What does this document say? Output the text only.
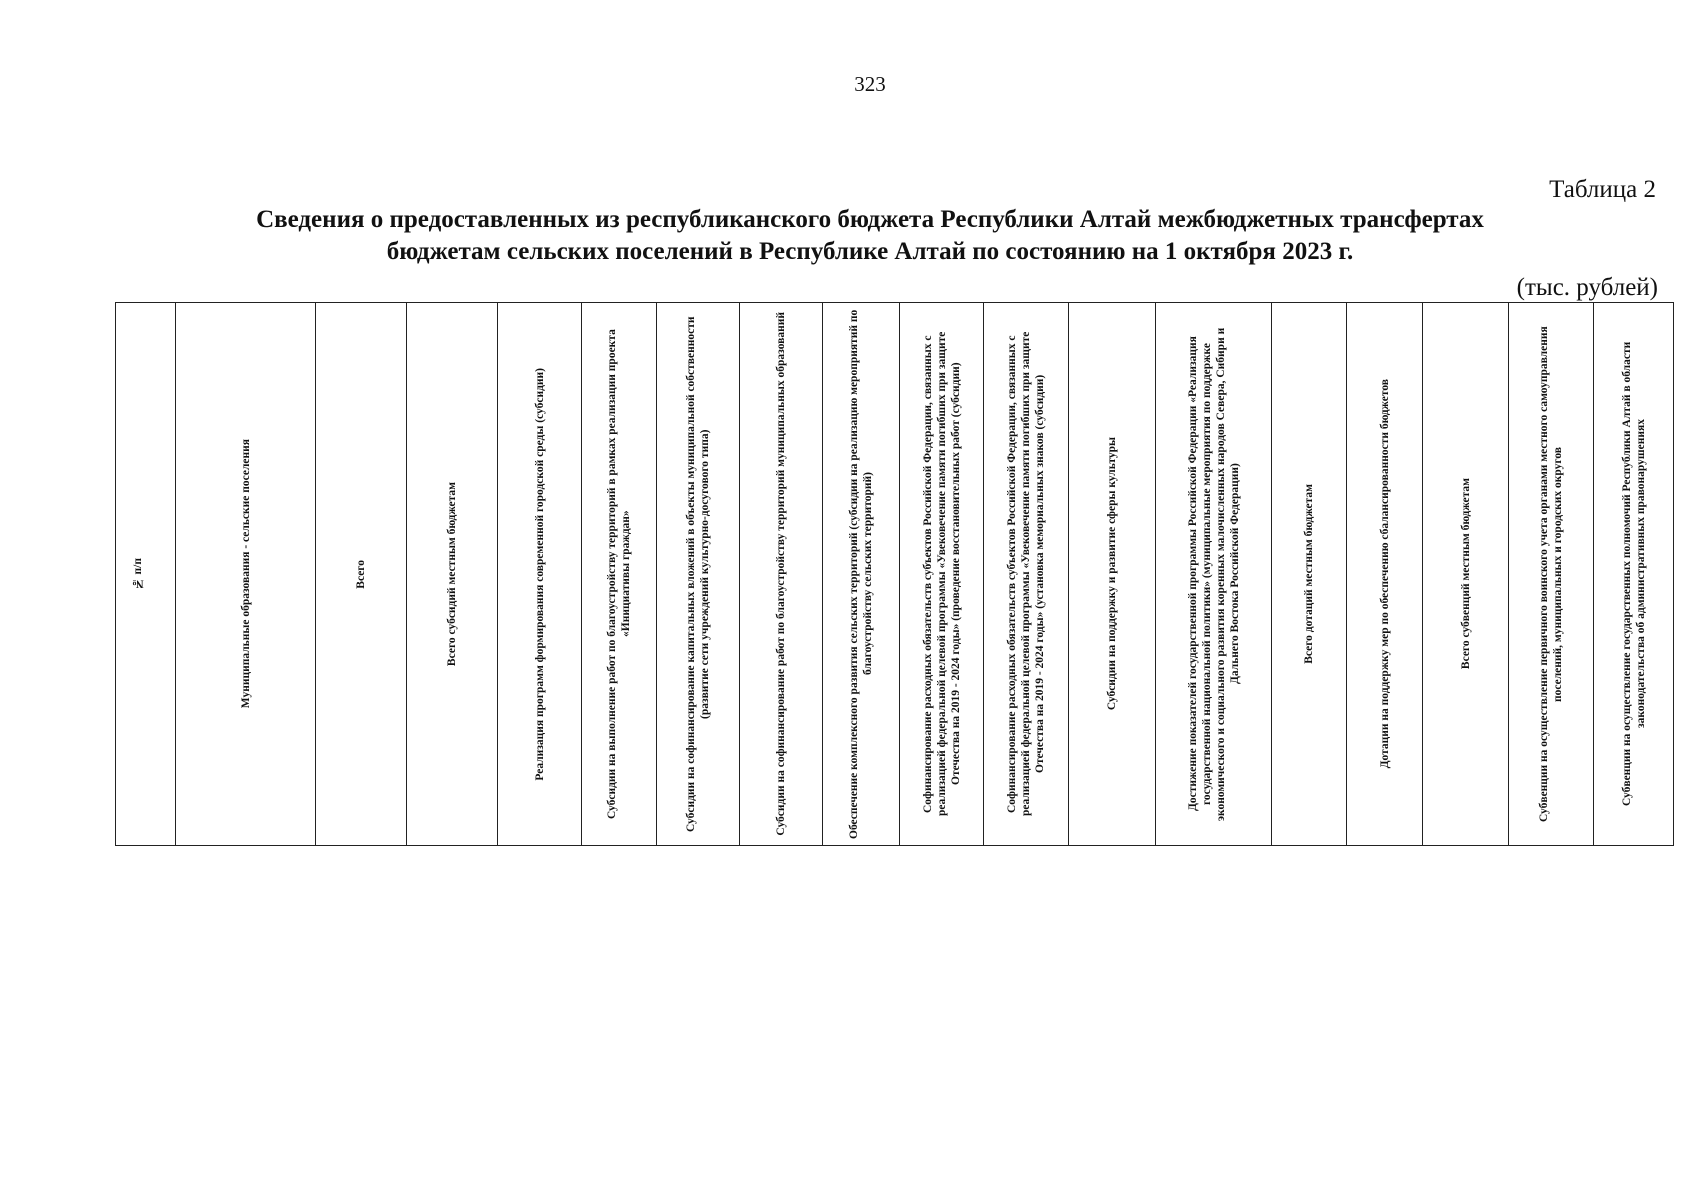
323
Таблица 2
Сведения о предоставленных из республиканского бюджета Республики Алтай межбюджетных трансфертах
бюджетам сельских поселений в Республике Алтай по состоянию на 1 октября 2023 г.
(тыс. рублей)
№ п/п	Муниципальные образования - сельские поселения	Всего	Всего субсидий местным бюджетам	Реализация программ формирования современной городской среды (субсидии)	Субсидии на выполнение работ по благоустройству территорий в рамках реализации проекта «Инициативы граждан»	Субсидии на софинансирование капитальных вложений в объекты муниципальной собственности (развитие сети учреждений культурно-досугового типа)	Субсидии на софинансирование работ по благоустройству территорий муниципальных образований	Обеспечение комплексного развития сельских территорий (субсидии на реализацию мероприятий по благоустройству сельских территорий)	Софинансирование расходных обязательств субъектов Российской Федерации, связанных с реализацией федеральной целевой программы «Увековечение памяти погибших при защите Отечества на 2019 - 2024 годы» (проведение восстановительных работ (субсидии)	Софинансирование расходных обязательств субъектов Российской Федерации, связанных с реализацией федеральной целевой программы «Увековечение памяти погибших при защите Отечества на 2019 - 2024 годы» (установка мемориальных знаков (субсидии)	Субсидии на поддержку и развитие сферы культуры	Достижение показателей государственной программы Российской Федерации «Реализация государственной национальной политики» (муниципальные мероприятия по поддержке экономического и социального развития коренных малочисленных народов Севера, Сибири и Дальнего Востока Российской Федерации)	Всего дотаций местным бюджетам	Дотации на поддержку мер по обеспечению сбалансированности бюджетов	Всего субвенций местным бюджетам	Субвенции на осуществление первичного воинского учета органами местного самоуправления поселений, муниципальных и городских округов	Субвенции на осуществление государственных полномочий Республики Алтай в области законодательства об административных правонарушениях
